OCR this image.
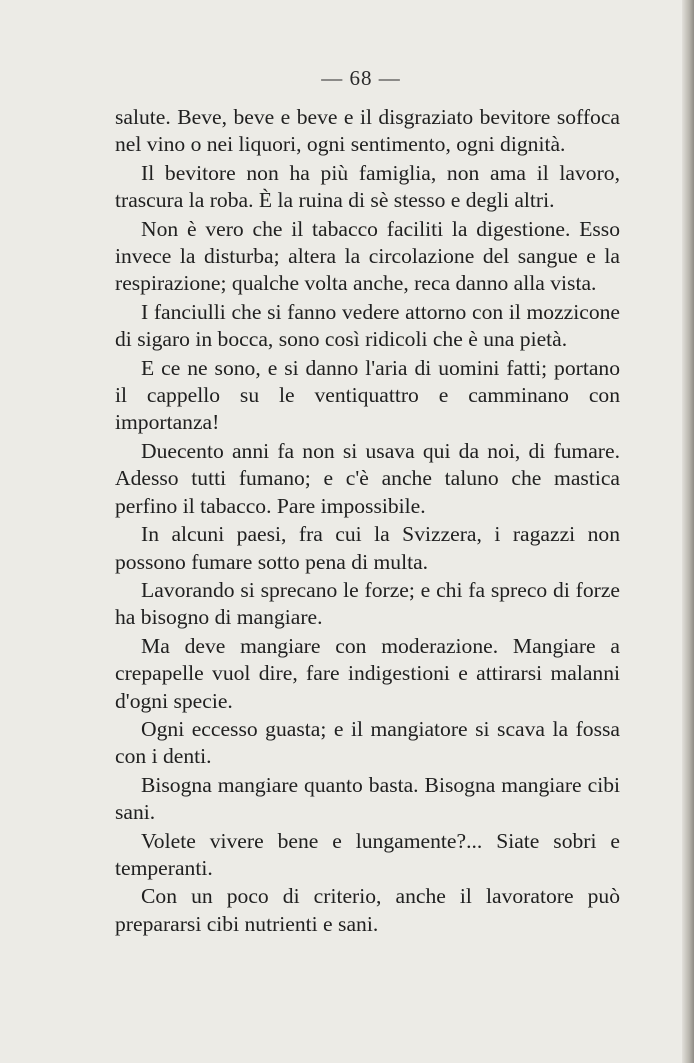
— 68 —

salute. Beve, beve e beve e il disgraziato bevitore soffoca nel vino o nei liquori, ogni sentimento, ogni dignità.

Il bevitore non ha più famiglia, non ama il lavoro, trascura la roba. È la ruina di sè stesso e degli altri.

Non è vero che il tabacco faciliti la digestione. Esso invece la disturba; altera la circolazione del sangue e la respirazione; qualche volta anche, reca danno alla vista.

I fanciulli che si fanno vedere attorno con il mozzicone di sigaro in bocca, sono così ridicoli che è una pietà.

E ce ne sono, e si danno l'aria di uomini fatti; portano il cappello su le ventiquattro e camminano con importanza!

Duecento anni fa non si usava qui da noi, di fumare. Adesso tutti fumano; e c'è anche taluno che mastica perfino il tabacco. Pare impossibile.

In alcuni paesi, fra cui la Svizzera, i ragazzi non possono fumare sotto pena di multa.

Lavorando si sprecano le forze; e chi fa spreco di forze ha bisogno di mangiare.

Ma deve mangiare con moderazione. Mangiare a crepapelle vuol dire, fare indigestioni e attirarsi malanni d'ogni specie.

Ogni eccesso guasta; e il mangiatore si scava la fossa con i denti.

Bisogna mangiare quanto basta. Bisogna mangiare cibi sani.

Volete vivere bene e lungamente?... Siate sobri e temperanti.

Con un poco di criterio, anche il lavoratore può prepararsi cibi nutrienti e sani.
